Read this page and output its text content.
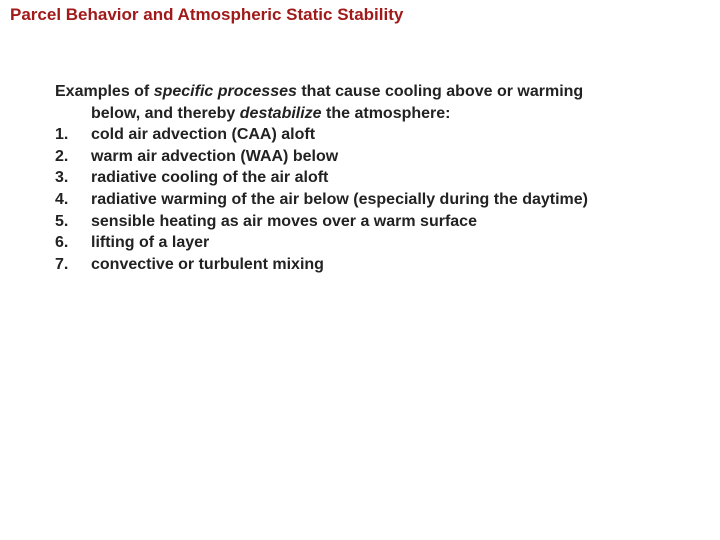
Parcel Behavior and Atmospheric Static Stability
Examples of specific processes that cause cooling above or warming below, and thereby destabilize the atmosphere:
1.	cold air advection (CAA) aloft
2.	warm air advection (WAA) below
3.	radiative cooling of the air aloft
4.	radiative warming of the air below (especially during the daytime)
5.	sensible heating as air moves over a warm surface
6.	lifting of a layer
7.	convective or turbulent mixing
